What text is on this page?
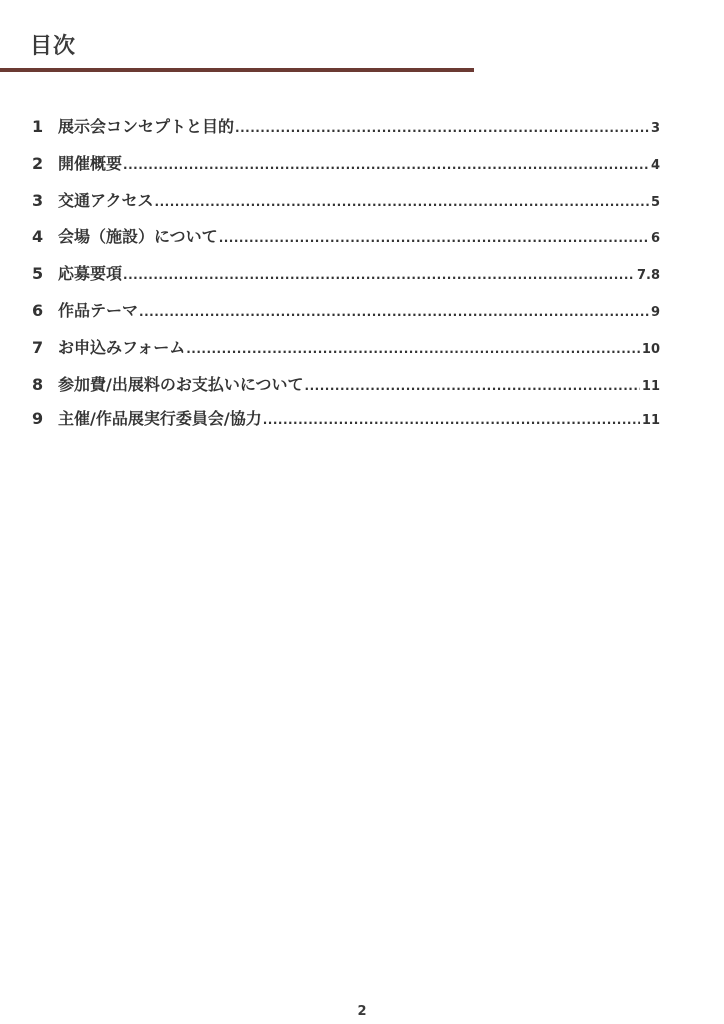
目次
1 展示会コンセプトと目的 .....	3
2 開催概要 .....	4
3 交通アクセス .....	5
4 会場（施設）について .....	6
5 応募要項 .....	7.8
6 作品テーマ .....	9
7 お申込みフォーム .....	10
8 参加費/出展料のお支払いについて .....	11
9 主催/作品展実行委員会/協力 .....	11
2
